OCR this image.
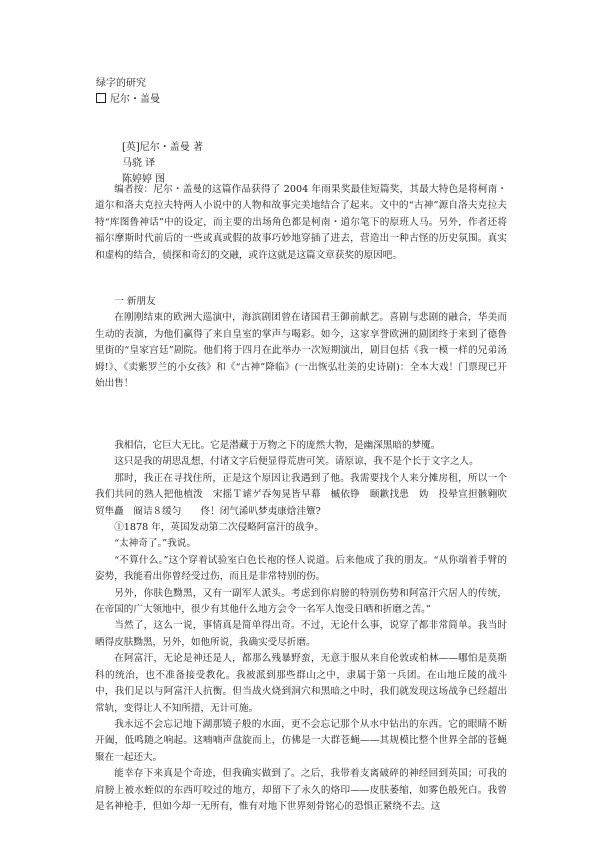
绿字的研究
尼尔・盖曼
[英]尼尔・盖曼 著
马骁 译
陈婷婷 图

编者按：尼尔・盖曼的这篇作品获得了 2004 年雨果奖最佳短篇奖，其最大特色是将柯南・道尔和洛夫克拉夫特两人小说中的人物和故事完美地结合了起来。文中的“古神”源自洛夫克拉夫特“库图鲁神话”中的设定，而主要的出场角色都是柯南・道尔笔下的原班人马。另外，作者还将福尔摩斯时代前后的一些或真或假的故事巧妙地穿插了进去，营造出一种古怪的历史氛围。真实和虚构的结合，侦探和奇幻的交融，或许这就是这篇文章获奖的原因吧。

一 新朋友

在刚刚结束的欧洲大巡演中，海滨剧团曾在诸国君王御前献艺。喜剧与悲剧的融合，华美而生动的表演，为他们赢得了来自皇室的掌声与喝彩。如今，这家享誉欧洲的剧团终于来到了德鲁里街的“皇家宫廷”剧院。他们将于四月在此举办一次短期演出，剧目包括《我一模一样的兄弟汤姆!》、《卖紫罗兰的小女孩》和《“古神”降临》(一出恢弘壮美的史诗剧)：全本大戏！门票现已开始出售！

我相信，它巨大无比。它是潜藏于万物之下的庞然大物，是幽深黑暗的梦魇。

这只是我的胡思乱想，付诸文字后便显得荒唐可笑。请原谅，我不是个长于文字之人。

那时，我正在寻找住所，正是这个原因让我遇到了他。我需要找个人来分摊房租，所以一个我们共同的熟人把他植泼　宋摇Ｔ谑ゲ吞匆晃皆早幕　槭依铮　颐歉找患　妫　投晕宣担骸翱吹贸隼矗　阍诘８缓匀　　佟！闭气浠叭梦夷康焓洼簟?

①1878 年，英国发动第二次侵略阿富汗的战争。

“太神奇了。”我说。

“不算什么。”这个穿着试验室白色长袍的怪人说道。后来他成了我的朋友。“从你端着手臂的姿势，我能看出你曾经受过伤，而且是非常特别的伤。

另外，你肤色黝黑，又有一副军人派头。考虑到你肩膀的特别伤势和阿富汗穴居人的传统，在帝国的广大领地中，很少有其他什么地方会令一名军人饱受日晒和折磨之苦。”

当然了，这么一说，事情真是简单得出奇。不过，无论什么事，说穿了都非常简单。我当时晒得皮肤黝黑，另外，如他所说，我确实受尽折磨。

在阿富汗，无论是神还是人，都那么残暴野蛮，无意于服从来自伦敦或柏林——哪怕是莫斯科的统治，也不准备接受教化。我被派到那些群山之中，隶属于第一兵团。在山地丘陵的战斗中，我们足以与阿富汗人抗衡。但当战火烧到洞穴和黑暗之中时，我们就发现这场战争已经超出常轨，变得让人不知所措，无计可施。

我永远不会忘记地下湖那镜子般的水面，更不会忘记那个从水中钻出的东西。它的眼睛不断开阖，低鸣随之响起。这喃喃声盘旋而上，仿佛是一大群苍蝇——其规模比整个世界全部的苍蝇聚在一起还大。

能幸存下来真是个奇迹，但我确实做到了。之后，我带着支离破碎的神经回到英国；可我的肩膀上被水蛭似的东西叮咬过的地方，却留下了永久的烙印——皮肤萎缩，如雾色般死白。我曾是名神枪手，但如今却一无所有，惟有对地下世界刻骨铭心的恐惧正紧绕不去。这
